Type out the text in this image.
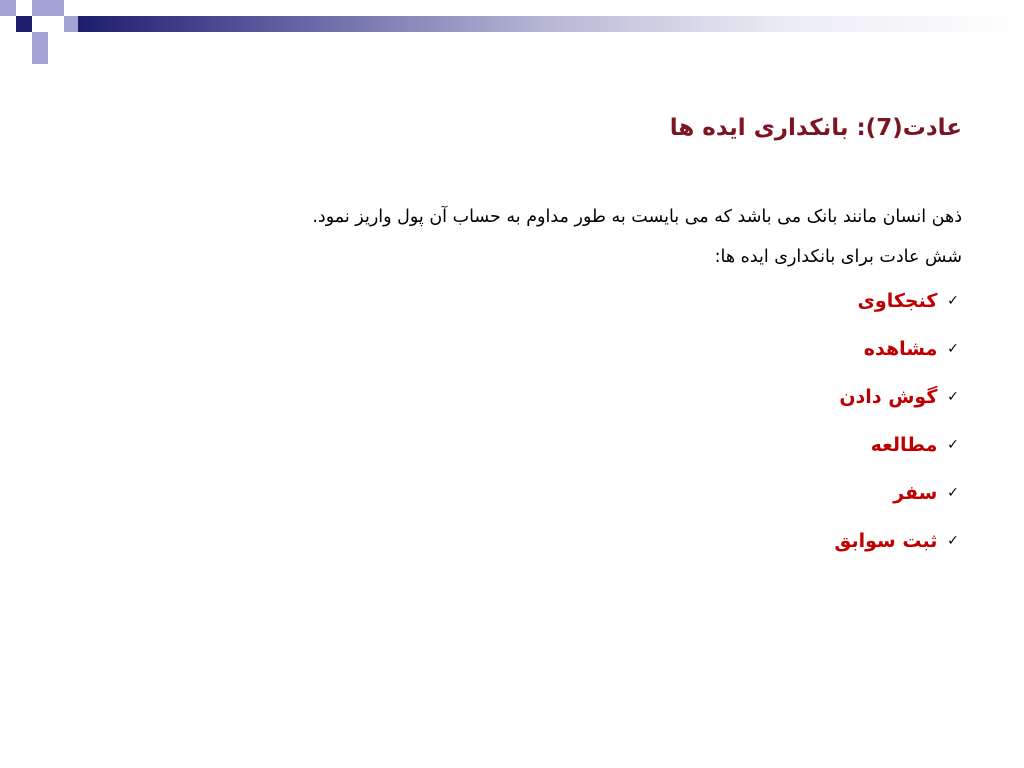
عادت(7): بانکداری ایده ها

ذهن انسان مانند بانک می باشد که می بایست به طور مداوم به حساب آن پول واریز نمود.

شش عادت برای بانکداری ایده ها:

✓ کنجکاوی
✓ مشاهده
✓ گوش دادن
✓ مطالعه
✓ سفر
✓ ثبت سوابق
